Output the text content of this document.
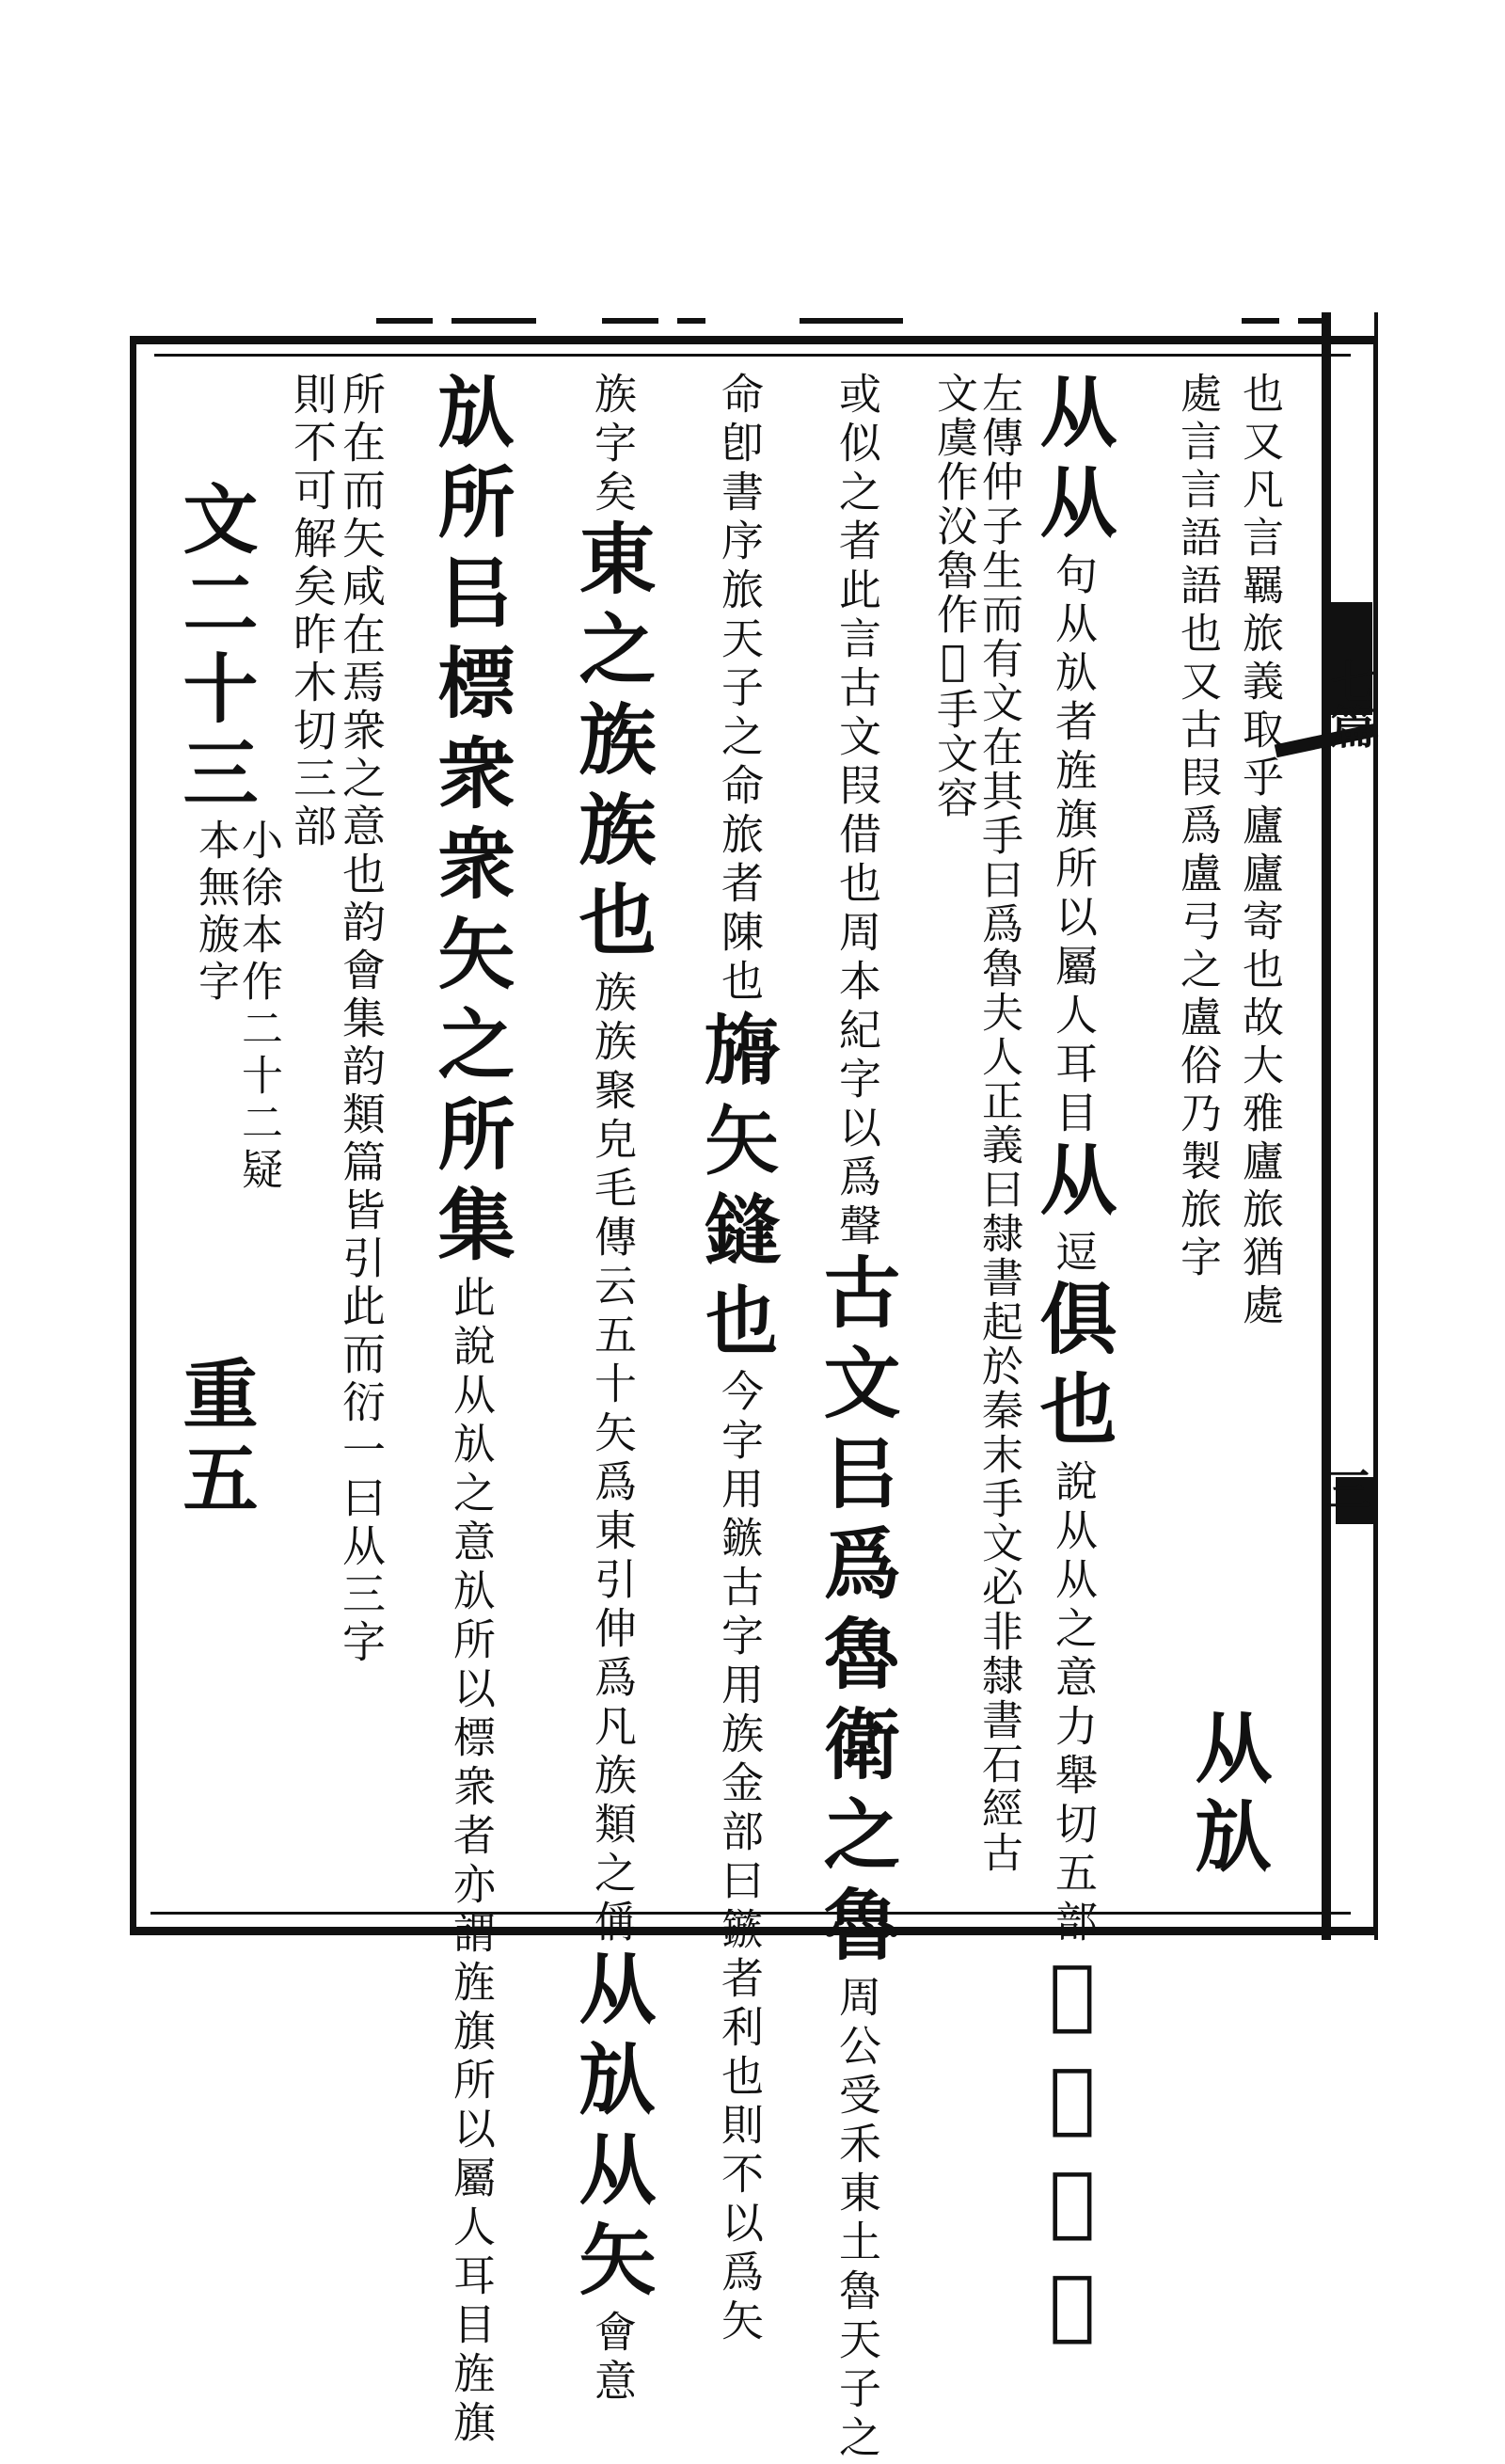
七篇
三
也又凡言羈旅義取乎廬廬寄也故大雅廬旅猶處
處言言語語也又古叚爲盧弓之盧俗乃製旅字
从㫃
从从句从㫃者旌旗所以屬人耳目从逗俱也說从从之意力舉切五部𣃓古文旅
左傳仲子生而有文在其手曰爲魯夫人正義曰隸書起於秦末手文必非隸書石經古文虞作㳇魯作𣃓手文容
或似之者此言古文叚借也周本紀字以爲聲古文㠯爲魯衛之魯周公受禾東土魯天子之
命卽書序旅天子之命旅者陳也𣄘矢鏠也今字用鏃古字用族金部曰鏃者利也則不以爲矢
族字矣東之族族也族族聚皃毛傳云五十矢爲東引伸爲凡族類之偁从㫃从矢會意
㫃所㠯標衆衆矢之所集此說从㫃之意㫃所以標衆者亦謂旌旗所以屬人耳目旌旗
所在而矢咸在焉衆之意也韵會集韵類篇皆引此而衍一曰从三字則不可解矣昨木切三部
文二十三小徐本作二十二疑本無旇字
重五
